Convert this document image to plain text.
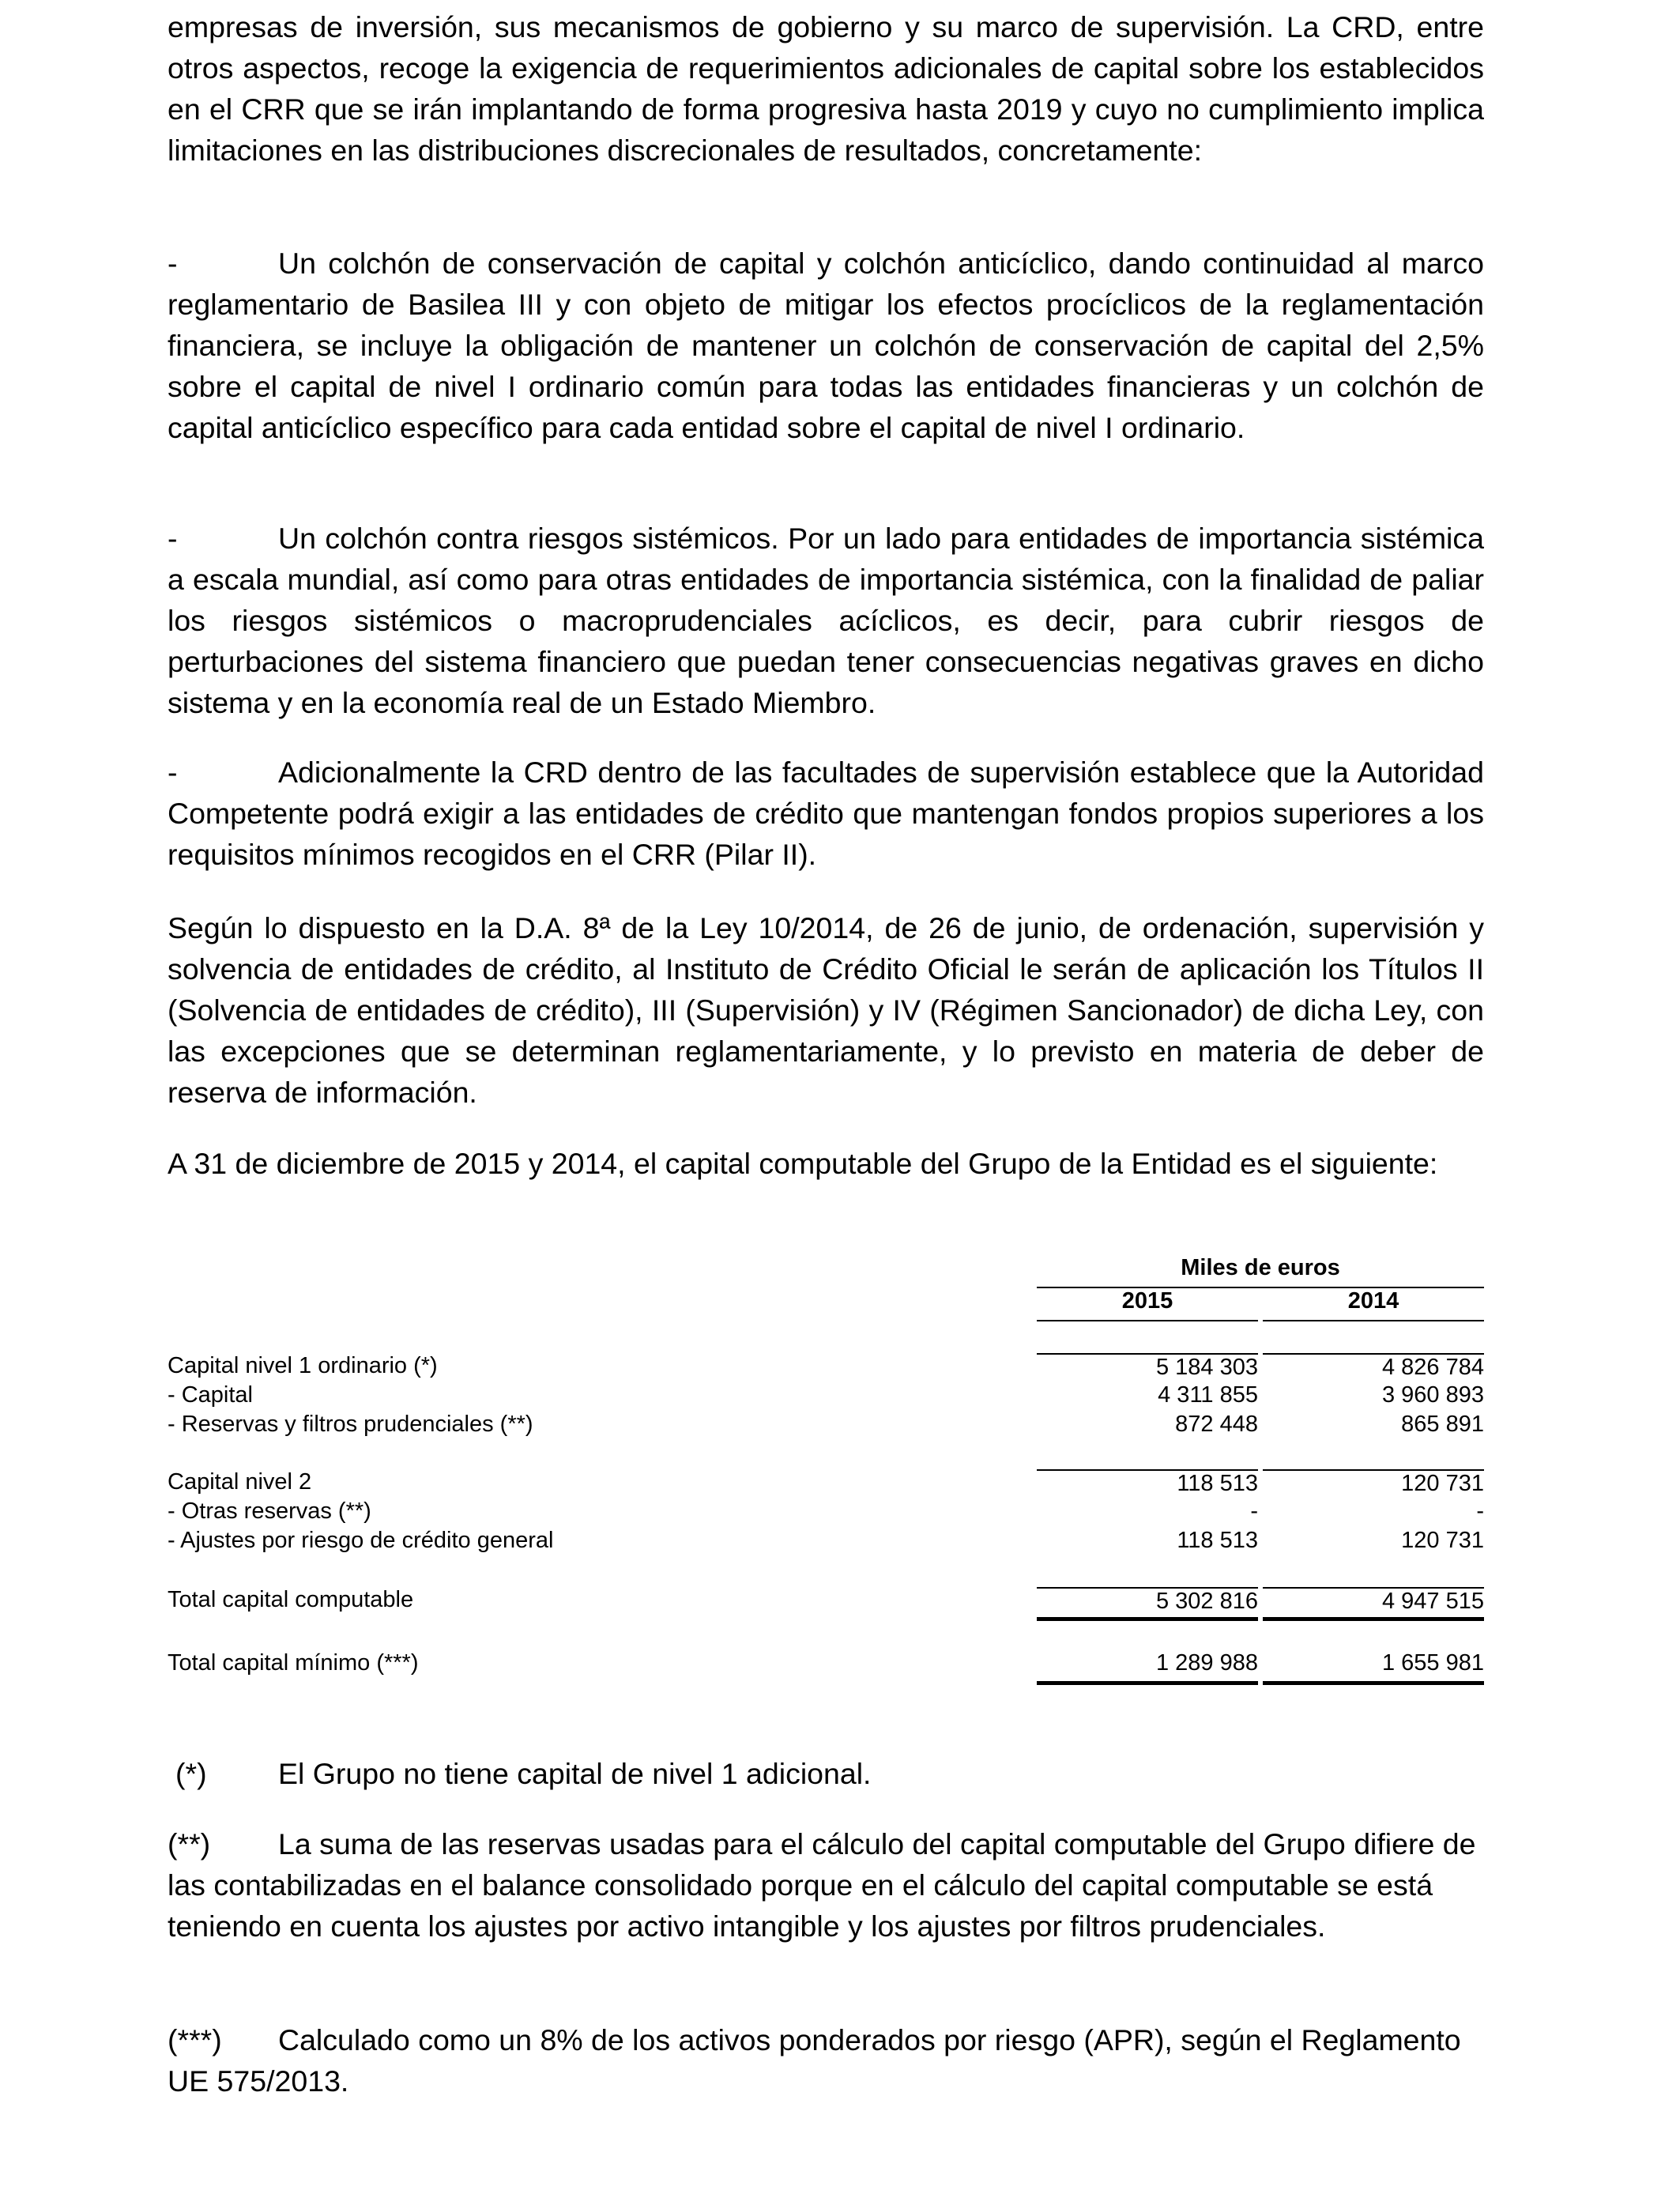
empresas de inversión, sus mecanismos de gobierno y su marco de supervisión. La CRD, entre otros aspectos, recoge la exigencia de requerimientos adicionales de capital sobre los establecidos en el CRR que se irán implantando de forma progresiva hasta 2019 y cuyo no cumplimiento implica limitaciones en las distribuciones discrecionales de resultados, concretamente:

-	Un colchón de conservación de capital y colchón anticíclico, dando continuidad al marco reglamentario de Basilea III y con objeto de mitigar los efectos procíclicos de la reglamentación financiera, se incluye la obligación de mantener un colchón de conservación de capital del 2,5% sobre el capital de nivel I ordinario común para todas las entidades financieras y un colchón de capital anticíclico específico para cada entidad sobre el capital de nivel I ordinario.

-	Un colchón contra riesgos sistémicos. Por un lado para entidades de importancia sistémica a escala mundial, así como para otras entidades de importancia sistémica, con la finalidad de paliar los riesgos sistémicos o macroprudenciales acíclicos, es decir, para cubrir riesgos de perturbaciones del sistema financiero que puedan tener consecuencias negativas graves en dicho sistema y en la economía real de un Estado Miembro.

-	Adicionalmente la CRD dentro de las facultades de supervisión establece que la Autoridad Competente podrá exigir a las entidades de crédito que mantengan fondos propios superiores a los requisitos mínimos recogidos en el CRR (Pilar II).

Según lo dispuesto en la D.A. 8ª de la Ley 10/2014, de 26 de junio, de ordenación, supervisión y solvencia de entidades de crédito, al Instituto de Crédito Oficial le serán de aplicación los Títulos II (Solvencia de entidades de crédito), III (Supervisión) y IV (Régimen Sancionador) de dicha Ley, con las excepciones que se determinan reglamentariamente, y lo previsto en materia de deber de reserva de información.

A 31 de diciembre de 2015 y 2014, el capital computable del Grupo de la Entidad es el siguiente:

Miles de euros
2015	2014
Capital nivel 1 ordinario (*)	5 184 303	4 826 784
- Capital	4 311 855	3 960 893
- Reservas y filtros prudenciales (**)	872 448	865 891
Capital nivel 2	118 513	120 731
- Otras reservas (**)	-	-
- Ajustes por riesgo de crédito general	118 513	120 731
Total capital computable	5 302 816	4 947 515
Total capital mínimo (***)	1 289 988	1 655 981
(*) El Grupo no tiene capital de nivel 1 adicional.

(**)	La suma de las reservas usadas para el cálculo del capital computable del Grupo difiere de las contabilizadas en el balance consolidado porque en el cálculo del capital computable se está teniendo en cuenta los ajustes por activo intangible y los ajustes por filtros prudenciales.

(***)	Calculado como un 8% de los activos ponderados por riesgo (APR), según el Reglamento UE 575/2013.
